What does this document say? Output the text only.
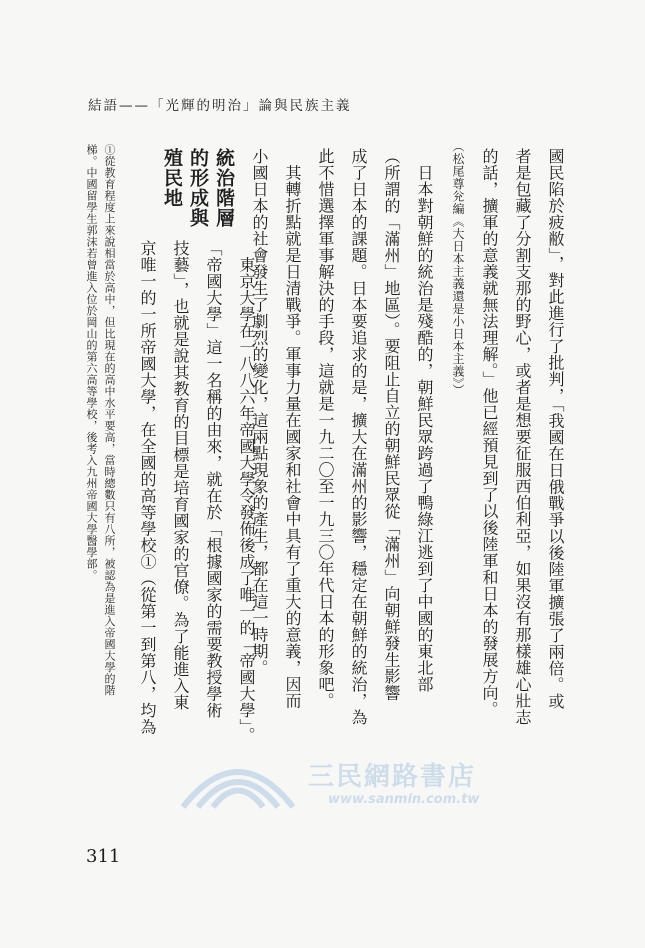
結語——「光輝的明治」論與民族主義
國民陷於疲敝」，對此進行了批判，「我國在日俄戰爭以後陸軍擴張了兩倍。或
者是包藏了分割支那的野心，或者是想要征服西伯利亞，如果沒有那樣雄心壯志
的話，擴軍的意義就無法理解。」他已經預見到了以後陸軍和日本的發展方向。
（松尾尊兊編《大日本主義還是小日本主義》）
　日本對朝鮮的統治是殘酷的，朝鮮民眾跨過了鴨綠江逃到了中國的東北部
（所謂的「滿州」地區）。要阻止自立的朝鮮民眾從「滿州」向朝鮮發生影響
成了日本的課題。日本要追求的是，擴大在滿州的影響，穩定在朝鮮的統治，為
此不惜選擇軍事解決的手段，這就是一九二〇至一九三〇年代日本的形象吧。
　其轉折點就是日清戰爭。軍事力量在國家和社會中具有了重大的意義，因而
小國日本的社會發生了劇烈的變化，這兩點現象的產生，都在這一時期。
　東京大學在一八八六年帝國大學令發佈後成了唯一的「帝國大學」。
「帝國大學」這一名稱的由來，就在於「根據國家的需要教授學術
技藝」，也就是說其教育的目標是培育國家的官僚。為了能進入東
京唯一的一所帝國大學，在全國的高等學校①（從第一到第八，均為
統治階層
的形成與
殖民地
①從教育程度上來說相當於高中，但比現在的高中水平要高，當時總數只有八所，被認為是進入帝國大學的階
梯。中國留學生郭沫若曾進入位於岡山的第六高等學校，後考入九州帝國大學醫學部。
三民網路書店
www.sanmin.com.tw
311
